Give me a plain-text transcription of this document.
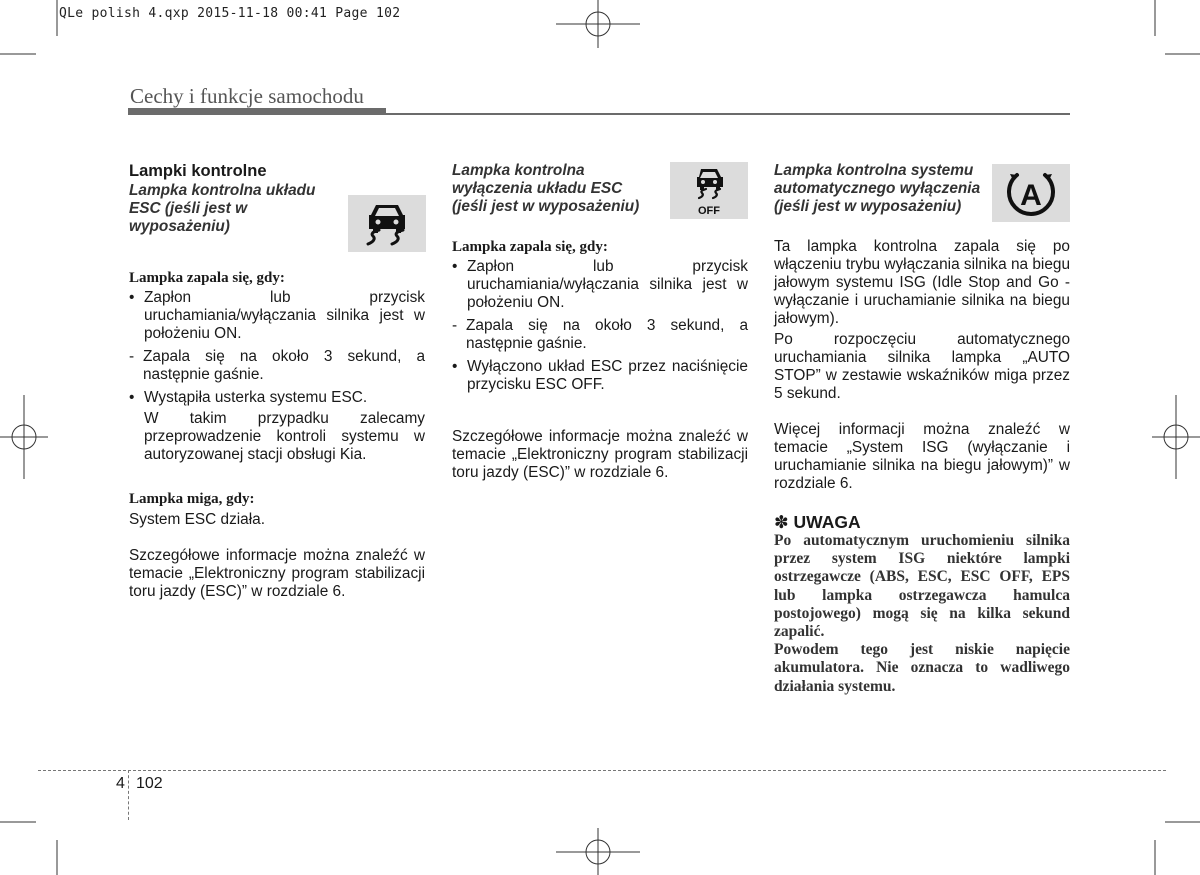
QLe polish 4.qxp 2015-11-18 00:41 Page 102
Cechy i funkcje samochodu

Lampki kontrolne

Lampka kontrolna układu ESC (jeśli jest w wyposażeniu)

Lampka zapala się, gdy:

• Zapłon lub przycisk uruchamiania/wyłączania silnika jest w położeniu ON.

- Zapala się na około 3 sekund, a następnie gaśnie.

• Wystąpiła usterka systemu ESC.

W takim przypadku zalecamy przeprowadzenie kontroli systemu w autoryzowanej stacji obsługi Kia.

Lampka miga, gdy:

System ESC działa.

Szczegółowe informacje można znaleźć w temacie „Elektroniczny program stabilizacji toru jazdy (ESC)” w rozdziale 6.

Lampka kontrolna wyłączenia układu ESC (jeśli jest w wyposażeniu)

Lampka zapala się, gdy:

• Zapłon lub przycisk uruchamiania/wyłączania silnika jest w położeniu ON.

- Zapala się na około 3 sekund, a następnie gaśnie.

• Wyłączono układ ESC przez naciśnięcie przycisku ESC OFF.

Szczegółowe informacje można znaleźć w temacie „Elektroniczny program stabilizacji toru jazdy (ESC)” w rozdziale 6.

OFF

Lampka kontrolna systemu automatycznego wyłączenia (jeśli jest w wyposażeniu)

Ta lampka kontrolna zapala się po włączeniu trybu wyłączania silnika na biegu jałowym systemu ISG (Idle Stop and Go - wyłączanie i uruchamianie silnika na biegu jałowym).

Po rozpoczęciu automatycznego uruchamiania silnika lampka „AUTO STOP” w zestawie wskaźników miga przez 5 sekund.

Więcej informacji można znaleźć w temacie „System ISG (wyłączanie i uruchamianie silnika na biegu jałowym)” w rozdziale 6.

✽ UWAGA

Po automatycznym uruchomieniu silnika przez system ISG niektóre lampki ostrzegawcze (ABS, ESC, ESC OFF, EPS lub lampka ostrzegawcza hamulca postojowego) mogą się na kilka sekund zapalić.

Powodem tego jest niskie napięcie akumulatora. Nie oznacza to wadliwego działania systemu.

A
4 102
